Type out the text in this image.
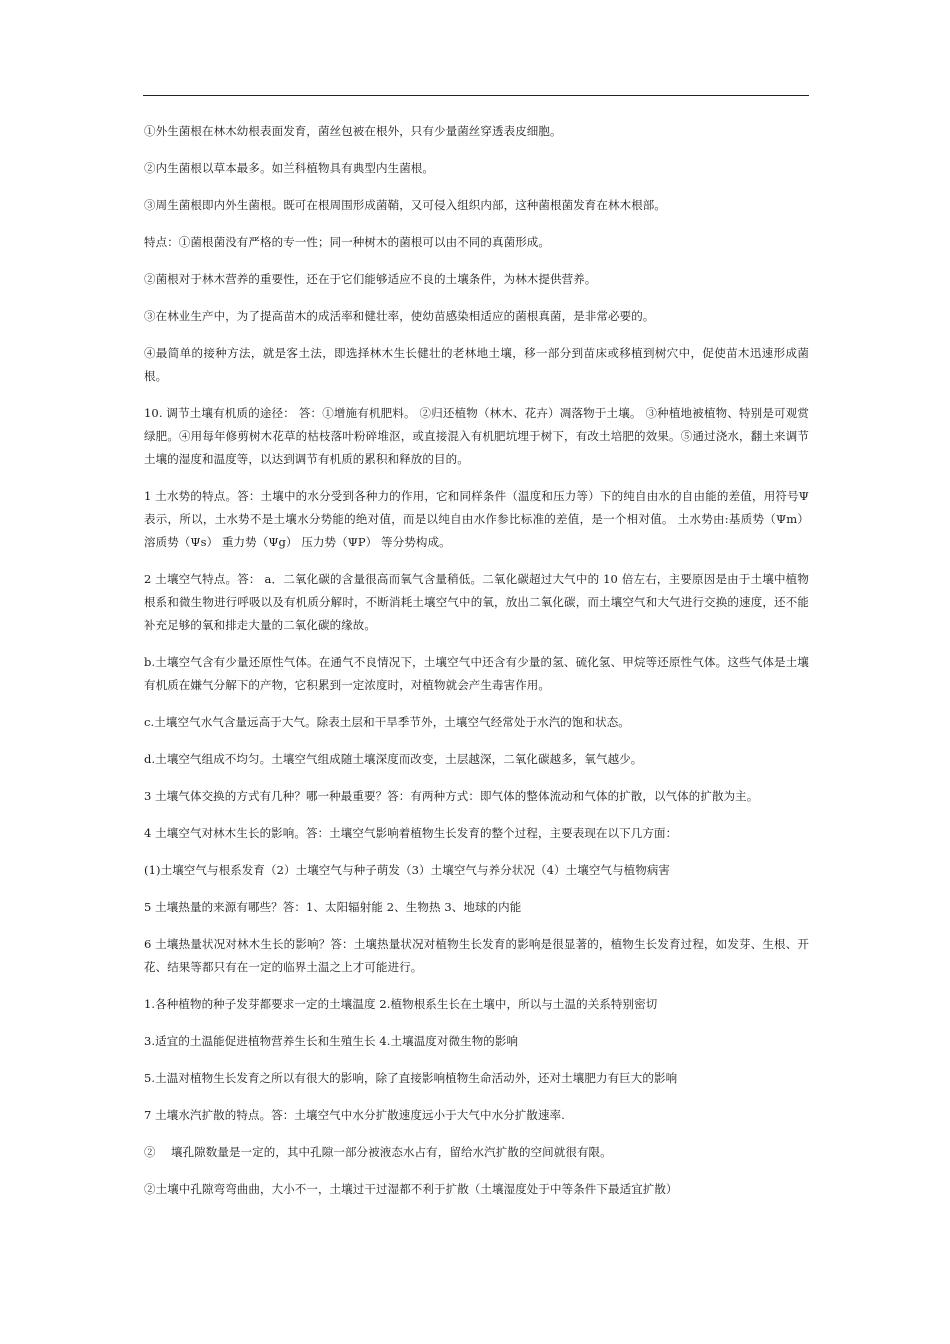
①外生菌根在林木幼根表面发育，菌丝包被在根外，只有少量菌丝穿透表皮细胞。

②内生菌根以草本最多。如兰科植物具有典型内生菌根。

③周生菌根即内外生菌根。既可在根周围形成菌鞘，又可侵入组织内部，这种菌根菌发育在林木根部。

特点：①菌根菌没有严格的专一性；同一种树木的菌根可以由不同的真菌形成。

②菌根对于林木营养的重要性，还在于它们能够适应不良的土壤条件，为林木提供营养。

③在林业生产中，为了提高苗木的成活率和健壮率，使幼苗感染相适应的菌根真菌，是非常必要的。

④最简单的接种方法，就是客土法，即选择林木生长健壮的老林地土壤，移一部分到苗床或移植到树穴中，促使苗木迅速形成菌根。

10. 调节土壤有机质的途径： 答：①增施有机肥料。 ②归还植物（林木、花卉）凋落物于土壤。 ③种植地被植物、特别是可观赏绿肥。④用每年修剪树木花草的枯枝落叶粉碎堆沤，或直接混入有机肥坑埋于树下，有改土培肥的效果。⑤通过浇水，翻土来调节土壤的湿度和温度等，以达到调节有机质的累积和释放的目的。

1 土水势的特点。答：土壤中的水分受到各种力的作用，它和同样条件（温度和压力等）下的纯自由水的自由能的差值，用符号Ψ表示，所以，土水势不是土壤水分势能的绝对值，而是以纯自由水作参比标准的差值，是一个相对值。 土水势由:基质势（Ψm） 溶质势（Ψs） 重力势（Ψg） 压力势（ΨP） 等分势构成。

2 土壤空气特点。答： a．二氧化碳的含量很高而氧气含量稍低。二氧化碳超过大气中的 10 倍左右，主要原因是由于土壤中植物根系和微生物进行呼吸以及有机质分解时，不断消耗土壤空气中的氧，放出二氧化碳，而土壤空气和大气进行交换的速度，还不能补充足够的氧和排走大量的二氧化碳的缘故。

b.土壤空气含有少量还原性气体。在通气不良情况下，土壤空气中还含有少量的氢、硫化氢、甲烷等还原性气体。这些气体是土壤有机质在嫌气分解下的产物，它积累到一定浓度时，对植物就会产生毒害作用。

c.土壤空气水气含量远高于大气。除表土层和干旱季节外，土壤空气经常处于水汽的饱和状态。

d.土壤空气组成不均匀。土壤空气组成随土壤深度而改变，土层越深，二氧化碳越多，氧气越少。

3 土壤气体交换的方式有几种？哪一种最重要？答：有两种方式：即气体的整体流动和气体的扩散，以气体的扩散为主。

4 土壤空气对林木生长的影响。答：土壤空气影响着植物生长发育的整个过程，主要表现在以下几方面：

(1)土壤空气与根系发育（2）土壤空气与种子萌发（3）土壤空气与养分状况（4）土壤空气与植物病害

5 土壤热量的来源有哪些？答：1、太阳辐射能 2、生物热 3、地球的内能

6 土壤热量状况对林木生长的影响？答：土壤热量状况对植物生长发育的影响是很显著的，植物生长发育过程，如发芽、生根、开花、结果等都只有在一定的临界土温之上才可能进行。

1.各种植物的种子发芽都要求一定的土壤温度 2.植物根系生长在土壤中，所以与土温的关系特别密切

3.适宜的土温能促进植物营养生长和生殖生长 4.土壤温度对微生物的影响

5.土温对植物生长发育之所以有很大的影响，除了直接影响植物生命活动外，还对土壤肥力有巨大的影响

7 土壤水汽扩散的特点。答：土壤空气中水分扩散速度远小于大气中水分扩散速率.

②　 壤孔隙数量是一定的，其中孔隙一部分被液态水占有，留给水汽扩散的空间就很有限。

②土壤中孔隙弯弯曲曲，大小不一，土壤过干过湿都不利于扩散（土壤湿度处于中等条件下最适宜扩散）
